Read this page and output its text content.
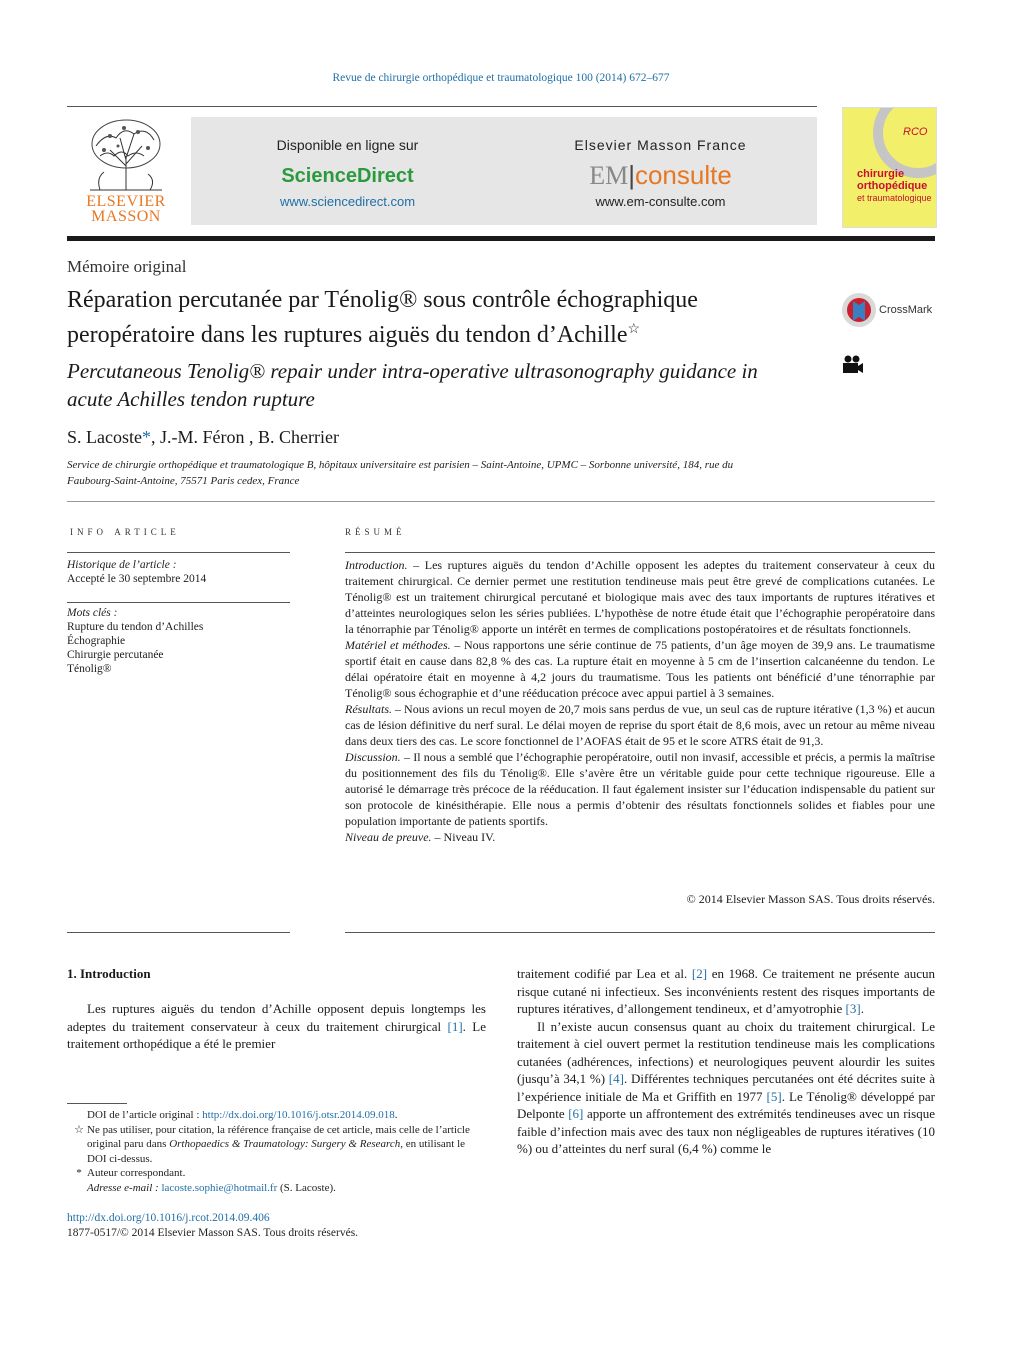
Revue de chirurgie orthopédique et traumatologique 100 (2014) 672–677
ELSEVIER MASSON
Disponible en ligne sur
ScienceDirect
www.sciencedirect.com
Elsevier Masson France
EM|consulte
www.em-consulte.com
RCO
chirurgie
orthopédique
et traumatologique
Mémoire original
Réparation percutanée par Ténolig® sous contrôle échographique
peropératoire dans les ruptures aiguës du tendon d’Achille☆
CrossMark
Percutaneous Tenolig® repair under intra-operative ultrasonography guidance in
acute Achilles tendon rupture
S. Lacoste*, J.-M. Féron , B. Cherrier
Service de chirurgie orthopédique et traumatologique B, hôpitaux universitaire est parisien – Saint-Antoine, UPMC – Sorbonne université, 184, rue du
Faubourg-Saint-Antoine, 75571 Paris cedex, France
info article
Historique de l’article :
Accepté le 30 septembre 2014
Mots clés :
Rupture du tendon d’Achilles
Échographie
Chirurgie percutanée
Ténolig®
résumé

Introduction. – Les ruptures aiguës du tendon d’Achille opposent les adeptes du traitement conservateur à ceux du traitement chirurgical. Ce dernier permet une restitution tendineuse mais peut être grevé de complications cutanées. Le Ténolig® est un traitement chirurgical percutané et biologique mais avec des taux importants de ruptures itératives et d’atteintes neurologiques selon les séries publiées. L’hypothèse de notre étude était que l’échographie peropératoire dans la ténorraphie par Ténolig® apporte un intérêt en termes de complications postopératoires et de résultats fonctionnels.

Matériel et méthodes. – Nous rapportons une série continue de 75 patients, d’un âge moyen de 39,9 ans. Le traumatisme sportif était en cause dans 82,8 % des cas. La rupture était en moyenne à 5 cm de l’insertion calcanéenne du tendon. Le délai opératoire était en moyenne à 4,2 jours du traumatisme. Tous les patients ont bénéficié d’une ténorraphie par Ténolig® sous échographie et d’une rééducation précoce avec appui partiel à 3 semaines.

Résultats. – Nous avions un recul moyen de 20,7 mois sans perdus de vue, un seul cas de rupture itérative (1,3 %) et aucun cas de lésion définitive du nerf sural. Le délai moyen de reprise du sport était de 8,6 mois, avec un retour au même niveau dans deux tiers des cas. Le score fonctionnel de l’AOFAS était de 95 et le score ATRS était de 91,3.

Discussion. – Il nous a semblé que l’échographie peropératoire, outil non invasif, accessible et précis, a permis la maîtrise du positionnement des fils du Ténolig®. Elle s’avère être un véritable guide pour cette technique rigoureuse. Elle a autorisé le démarrage très précoce de la rééducation. Il faut également insister sur l’éducation indispensable du patient sur son protocole de kinésithérapie. Elle nous a permis d’obtenir des résultats fonctionnels solides et fiables pour une population importante de patients sportifs.

Niveau de preuve. – Niveau IV.

© 2014 Elsevier Masson SAS. Tous droits réservés.
1. Introduction

Les ruptures aiguës du tendon d’Achille opposent depuis longtemps les adeptes du traitement conservateur à ceux du traitement chirurgical [1]. Le traitement orthopédique a été le premier

traitement codifié par Lea et al. [2] en 1968. Ce traitement ne présente aucun risque cutané ni infectieux. Ses inconvénients restent des risques importants de ruptures itératives, d’allongement tendineux, et d’amyotrophie [3].

Il n’existe aucun consensus quant au choix du traitement chirurgical. Le traitement à ciel ouvert permet la restitution tendineuse mais les complications cutanées (adhérences, infections) et neurologiques peuvent alourdir les suites (jusqu’à 34,1 %) [4]. Différentes techniques percutanées ont été décrites suite à l’expérience initiale de Ma et Griffith en 1977 [5]. Le Ténolig® développé par Delponte [6] apporte un affrontement des extrémités tendineuses avec un risque faible d’infection mais avec des taux non négligeables de ruptures itératives (10 %) ou d’atteintes du nerf sural (6,4 %) comme le

DOI de l’article original : http://dx.doi.org/10.1016/j.otsr.2014.09.018.
☆ Ne pas utiliser, pour citation, la référence française de cet article, mais celle de l’article original paru dans Orthopaedics & Traumatology: Surgery & Research, en utilisant le DOI ci-dessus.
* Auteur correspondant.
Adresse e-mail : lacoste.sophie@hotmail.fr (S. Lacoste).
http://dx.doi.org/10.1016/j.rcot.2014.09.406
1877-0517/© 2014 Elsevier Masson SAS. Tous droits réservés.
